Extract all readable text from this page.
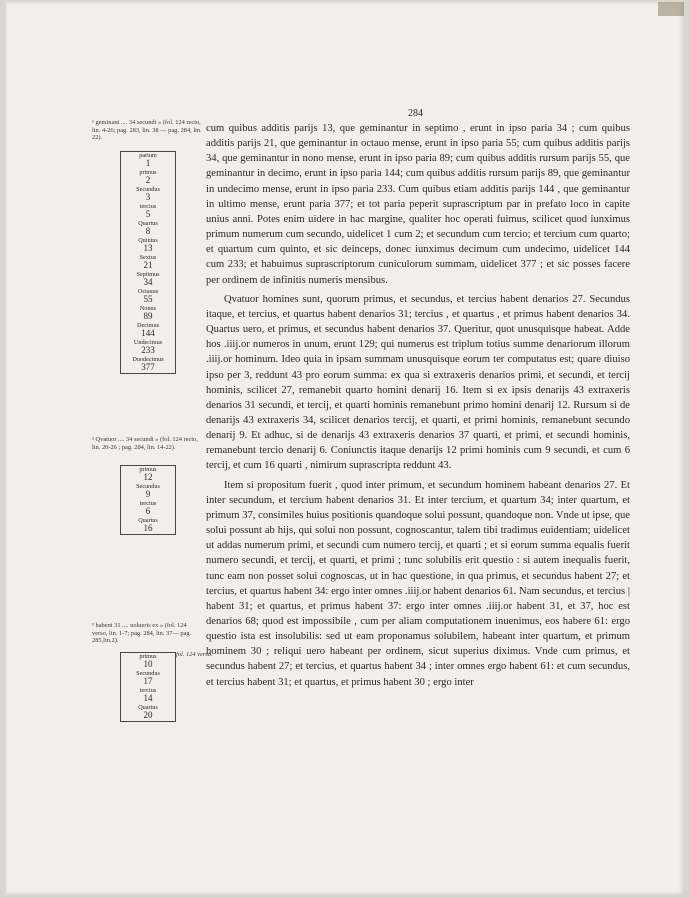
284
¹ geminant .... 34 secundi » (fol. 124 recto, lin. 4-26; pag. 283, lin. 38 — pag. 284, lin. 22).
parium
1
primus
2
Secundus
3
tercius
5
Quartus
8
Quintus
13
Sextus
21
Septimus
34
Octauus
55
Nonus
89
Decimus
144
Undecimus
233
Duodecimus
377
² Qvatuor .... 34 secundi » (fol. 124 recto, lin. 20-26 ; pag. 284, lin. 14-22).
primus
12
Secundus
9
tercius
6
Quartus
16
³ habent 31 .... uolueris ex » (fol. 124 verso, lin. 1-7; pag. 284, lin. 37— pag. 285,lin.2).
fol. 124 verso.
primus
10
Secundus
17
tercius
14
Quartus
20

cum quibus additis parijs 13, que geminantur in septimo , erunt in ipso paria 34 ; cum quibus additis parijs 21, que geminantur in octauo mense, erunt in ipso paria 55; cum quibus additis parijs 34, que geminantur in nono mense, erunt in ipso paria 89; cum quibus additis rursum parijs 55, que geminantur in decimo, erunt in ipso paria 144; cum quibus additis rursum parijs 89, que geminantur in undecimo mense, erunt in ipso paria 233. Cum quibus etiam additis parijs 144 , que geminantur in ultimo mense, erunt paria 377; et tot paria peperit suprascriptum par in prefato loco in capite unius anni. Potes enim uidere in hac margine, qualiter hoc operati fuimus, scilicet quod iunximus primum numerum cum secundo, uidelicet 1 cum 2; et secundum cum tercio; et tercium cum quarto; et quartum cum quinto, et sic deinceps, donec iunximus decimum cum undecimo, uidelicet 144 cum 233; et habuimus suprascriptorum cuniculorum summam, uidelicet 377 ; et sic posses facere per ordinem de infinitis numeris mensibus.

Qvatuor homines sunt, quorum primus, et secundus, et tercius habent denarios 27. Secundus itaque, et tercius, et quartus habent denarios 31; tercius , et quartus , et primus habent denarios 34. Quartus uero, et primus, et secundus habent denarios 37. Queritur, quot unusquisque habeat. Adde hos .iiij.or numeros in unum, erunt 129; qui numerus est triplum totius summe denariorum illorum .iiij.or hominum. Ideo quia in ipsam summam unusquisque eorum ter computatus est; quare diuiso ipso per 3, reddunt 43 pro eorum summa: ex qua si extraxeris denarios primi, et secundi, et tercij hominis, scilicet 27, remanebit quarto homini denarij 16. Item si ex ipsis denarijs 43 extraxeris denarios 31 secundi, et tercij, et quarti hominis remanebunt primo homini denarij 12. Rursum si de denarijs 43 extraxeris 34, scilicet denarios tercij, et quarti, et primi hominis, remanebunt secundo denarij 9. Et adhuc, si de denarijs 43 extraxeris denarios 37 quarti, et primi, et secundi hominis, remanebunt tercio denarij 6. Coniunctis itaque denarijs 12 primi hominis cum 9 secundi, et cum 6 tercij, et cum 16 quarti , nimirum suprascripta reddunt 43.

Item si propositum fuerit , quod inter primum, et secundum hominem habeant denarios 27. Et inter secundum, et tercium habent denarios 31. Et inter tercium, et quartum 34; inter quartum, et primum 37, consimiles huius positionis quandoque solui possunt, quandoque non. Vnde ut ipse, que solui possunt ab hijs, qui solui non possunt, cognoscantur, talem tibi tradimus euidentiam; uidelicet ut addas numerum primi, et secundi cum numero tercij, et quarti ; et si eorum summa equalis fuerit numero secundi, et tercij, et quarti, et primi ; tunc solubilis erit questio : si autem inequalis fuerit, tunc eam non posset solui cognoscas, ut in hac questione, in qua primus, et secundus habent 27; et tercius, et quartus habent 34: ergo inter omnes .iiij.or habent denarios 61. Nam secundus, et tercius | habent 31; et quartus, et primus habent 37: ergo inter omnes .iiij.or habent 31, et 37, hoc est denarios 68; quod est impossibile , cum per aliam computationem inuenimus, eos habere 61: ergo questio ista est insolubilis: sed ut eam proponamus solubilem, habeant inter quartum, et primum hominem 30 ; reliqui uero habeant per ordinem, sicut superius diximus. Vnde cum primus, et secundus habent 27; et tercius, et quartus habent 34 ; inter omnes ergo habent 61: et cum secundus, et tercius habent 31; et quartus, et primus habent 30 ; ergo inter
